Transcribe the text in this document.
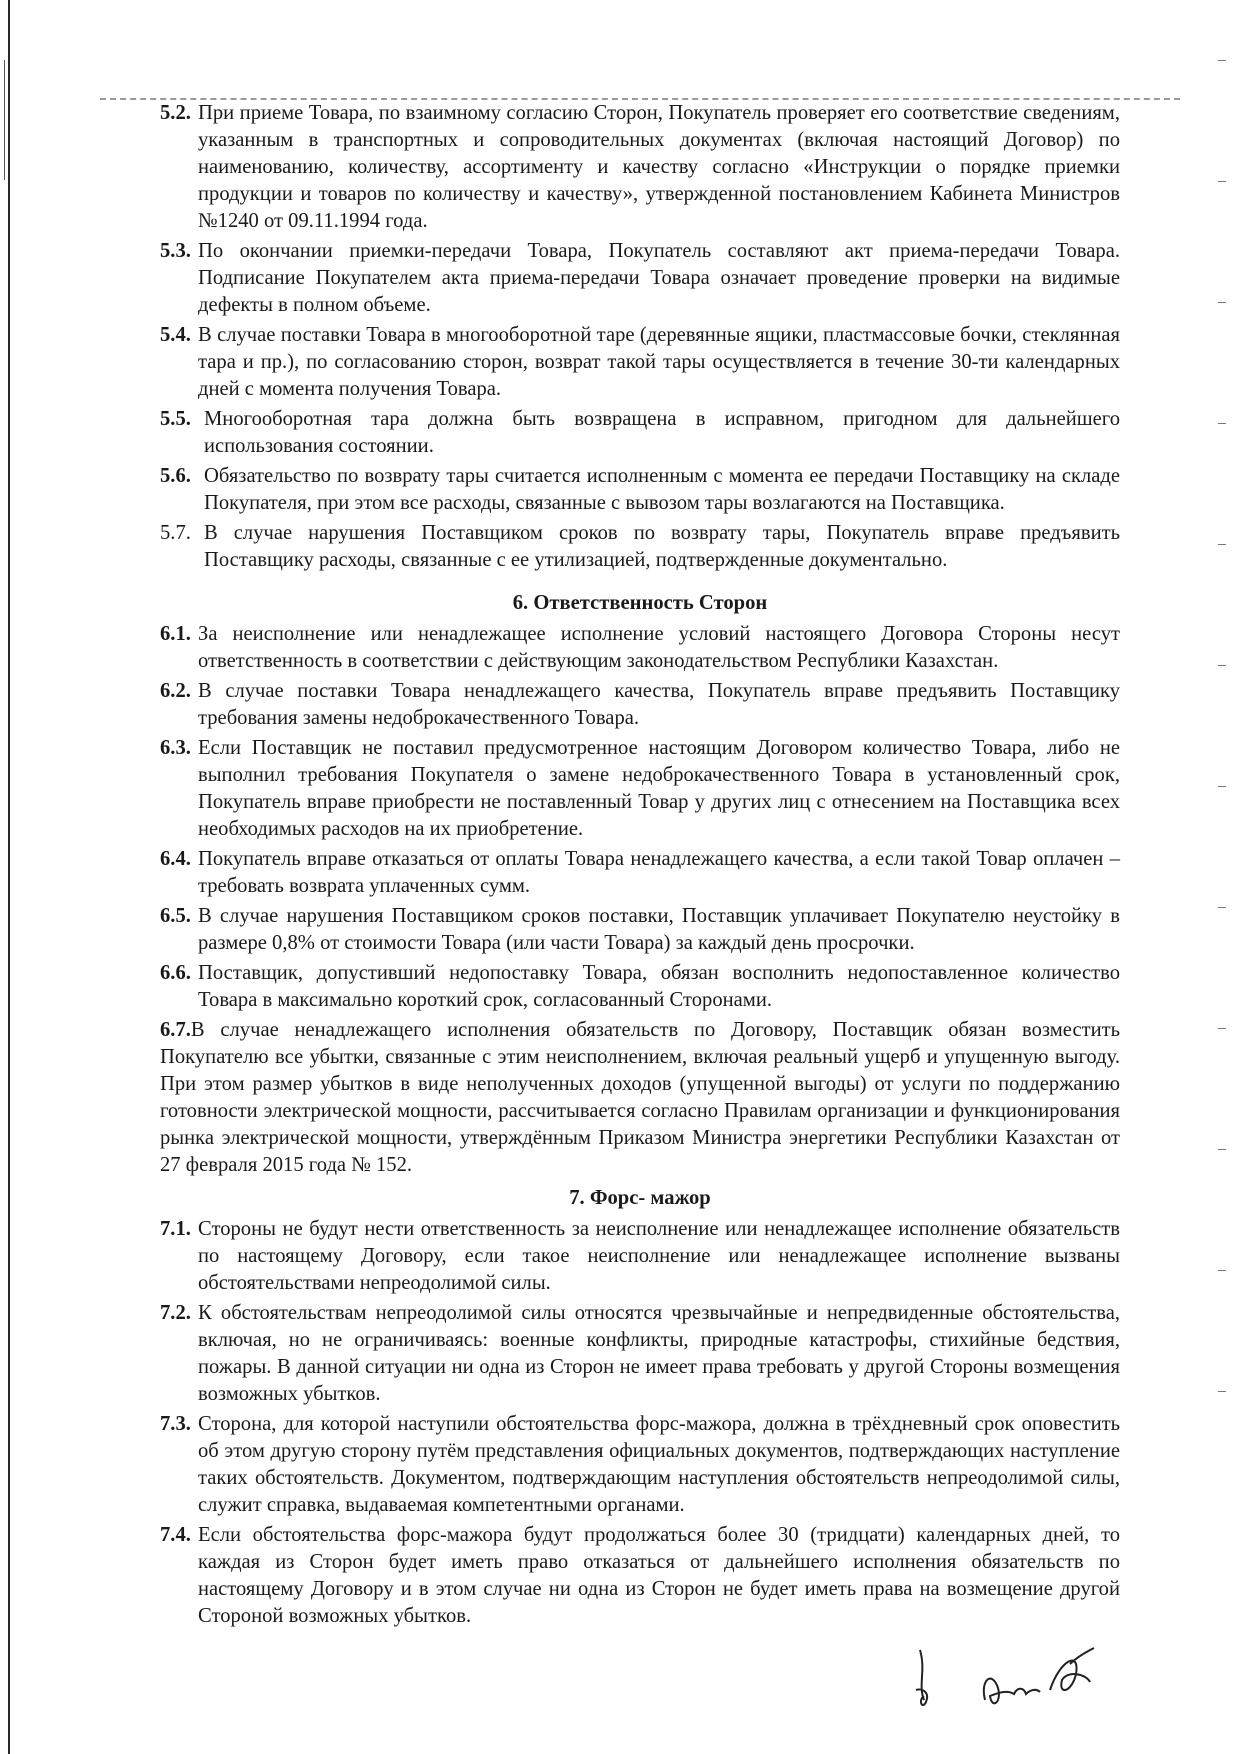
5.2. При приеме Товара, по взаимному согласию Сторон, Покупатель проверяет его соответствие сведениям, указанным в транспортных и сопроводительных документах (включая настоящий Договор) по наименованию, количеству, ассортименту и качеству согласно «Инструкции о порядке приемки продукции и товаров по количеству и качеству», утвержденной постановлением Кабинета Министров №1240 от 09.11.1994 года.
5.3. По окончании приемки-передачи Товара, Покупатель составляют акт приема-передачи Товара. Подписание Покупателем акта приема-передачи Товара означает проведение проверки на видимые дефекты в полном объеме.
5.4. В случае поставки Товара в многооборотной таре (деревянные ящики, пластмассовые бочки, стеклянная тара и пр.), по согласованию сторон, возврат такой тары осуществляется в течение 30-ти календарных дней с момента получения Товара.
5.5. Многооборотная тара должна быть возвращена в исправном, пригодном для дальнейшего использования состоянии.
5.6. Обязательство по возврату тары считается исполненным с момента ее передачи Поставщику на складе Покупателя, при этом все расходы, связанные с вывозом тары возлагаются на Поставщика.
5.7. В случае нарушения Поставщиком сроков по возврату тары, Покупатель вправе предъявить Поставщику расходы, связанные с ее утилизацией, подтвержденные документально.
6. Ответственность Сторон
6.1. За неисполнение или ненадлежащее исполнение условий настоящего Договора Стороны несут ответственность в соответствии с действующим законодательством Республики Казахстан.
6.2. В случае поставки Товара ненадлежащего качества, Покупатель вправе предъявить Поставщику требования замены недоброкачественного Товара.
6.3. Если Поставщик не поставил предусмотренное настоящим Договором количество Товара, либо не выполнил требования Покупателя о замене недоброкачественного Товара в установленный срок, Покупатель вправе приобрести не поставленный Товар у других лиц с отнесением на Поставщика всех необходимых расходов на их приобретение.
6.4. Покупатель вправе отказаться от оплаты Товара ненадлежащего качества, а если такой Товар оплачен – требовать возврата уплаченных сумм.
6.5. В случае нарушения Поставщиком сроков поставки, Поставщик уплачивает Покупателю неустойку в размере 0,8% от стоимости Товара (или части Товара) за каждый день просрочки.
6.6. Поставщик, допустивший недопоставку Товара, обязан восполнить недопоставленное количество Товара в максимально короткий срок, согласованный Сторонами.
6.7.В случае ненадлежащего исполнения обязательств по Договору, Поставщик обязан возместить Покупателю все убытки, связанные с этим неисполнением, включая реальный ущерб и упущенную выгоду. При этом размер убытков в виде неполученных доходов (упущенной выгоды) от услуги по поддержанию готовности электрической мощности, рассчитывается согласно Правилам организации и функционирования рынка электрической мощности, утверждённым Приказом Министра энергетики Республики Казахстан от 27 февраля 2015 года № 152.
7. Форс- мажор
7.1. Стороны не будут нести ответственность за неисполнение или ненадлежащее исполнение обязательств по настоящему Договору, если такое неисполнение или ненадлежащее исполнение вызваны обстоятельствами непреодолимой силы.
7.2. К обстоятельствам непреодолимой силы относятся чрезвычайные и непредвиденные обстоятельства, включая, но не ограничиваясь: военные конфликты, природные катастрофы, стихийные бедствия, пожары. В данной ситуации ни одна из Сторон не имеет права требовать у другой Стороны возмещения возможных убытков.
7.3. Сторона, для которой наступили обстоятельства форс-мажора, должна в трёхдневный срок оповестить об этом другую сторону путём представления официальных документов, подтверждающих наступление таких обстоятельств. Документом, подтверждающим наступления обстоятельств непреодолимой силы, служит справка, выдаваемая компетентными органами.
7.4. Если обстоятельства форс-мажора будут продолжаться более 30 (тридцати) календарных дней, то каждая из Сторон будет иметь право отказаться от дальнейшего исполнения обязательств по настоящему Договору и в этом случае ни одна из Сторон не будет иметь права на возмещение другой Стороной возможных убытков.
